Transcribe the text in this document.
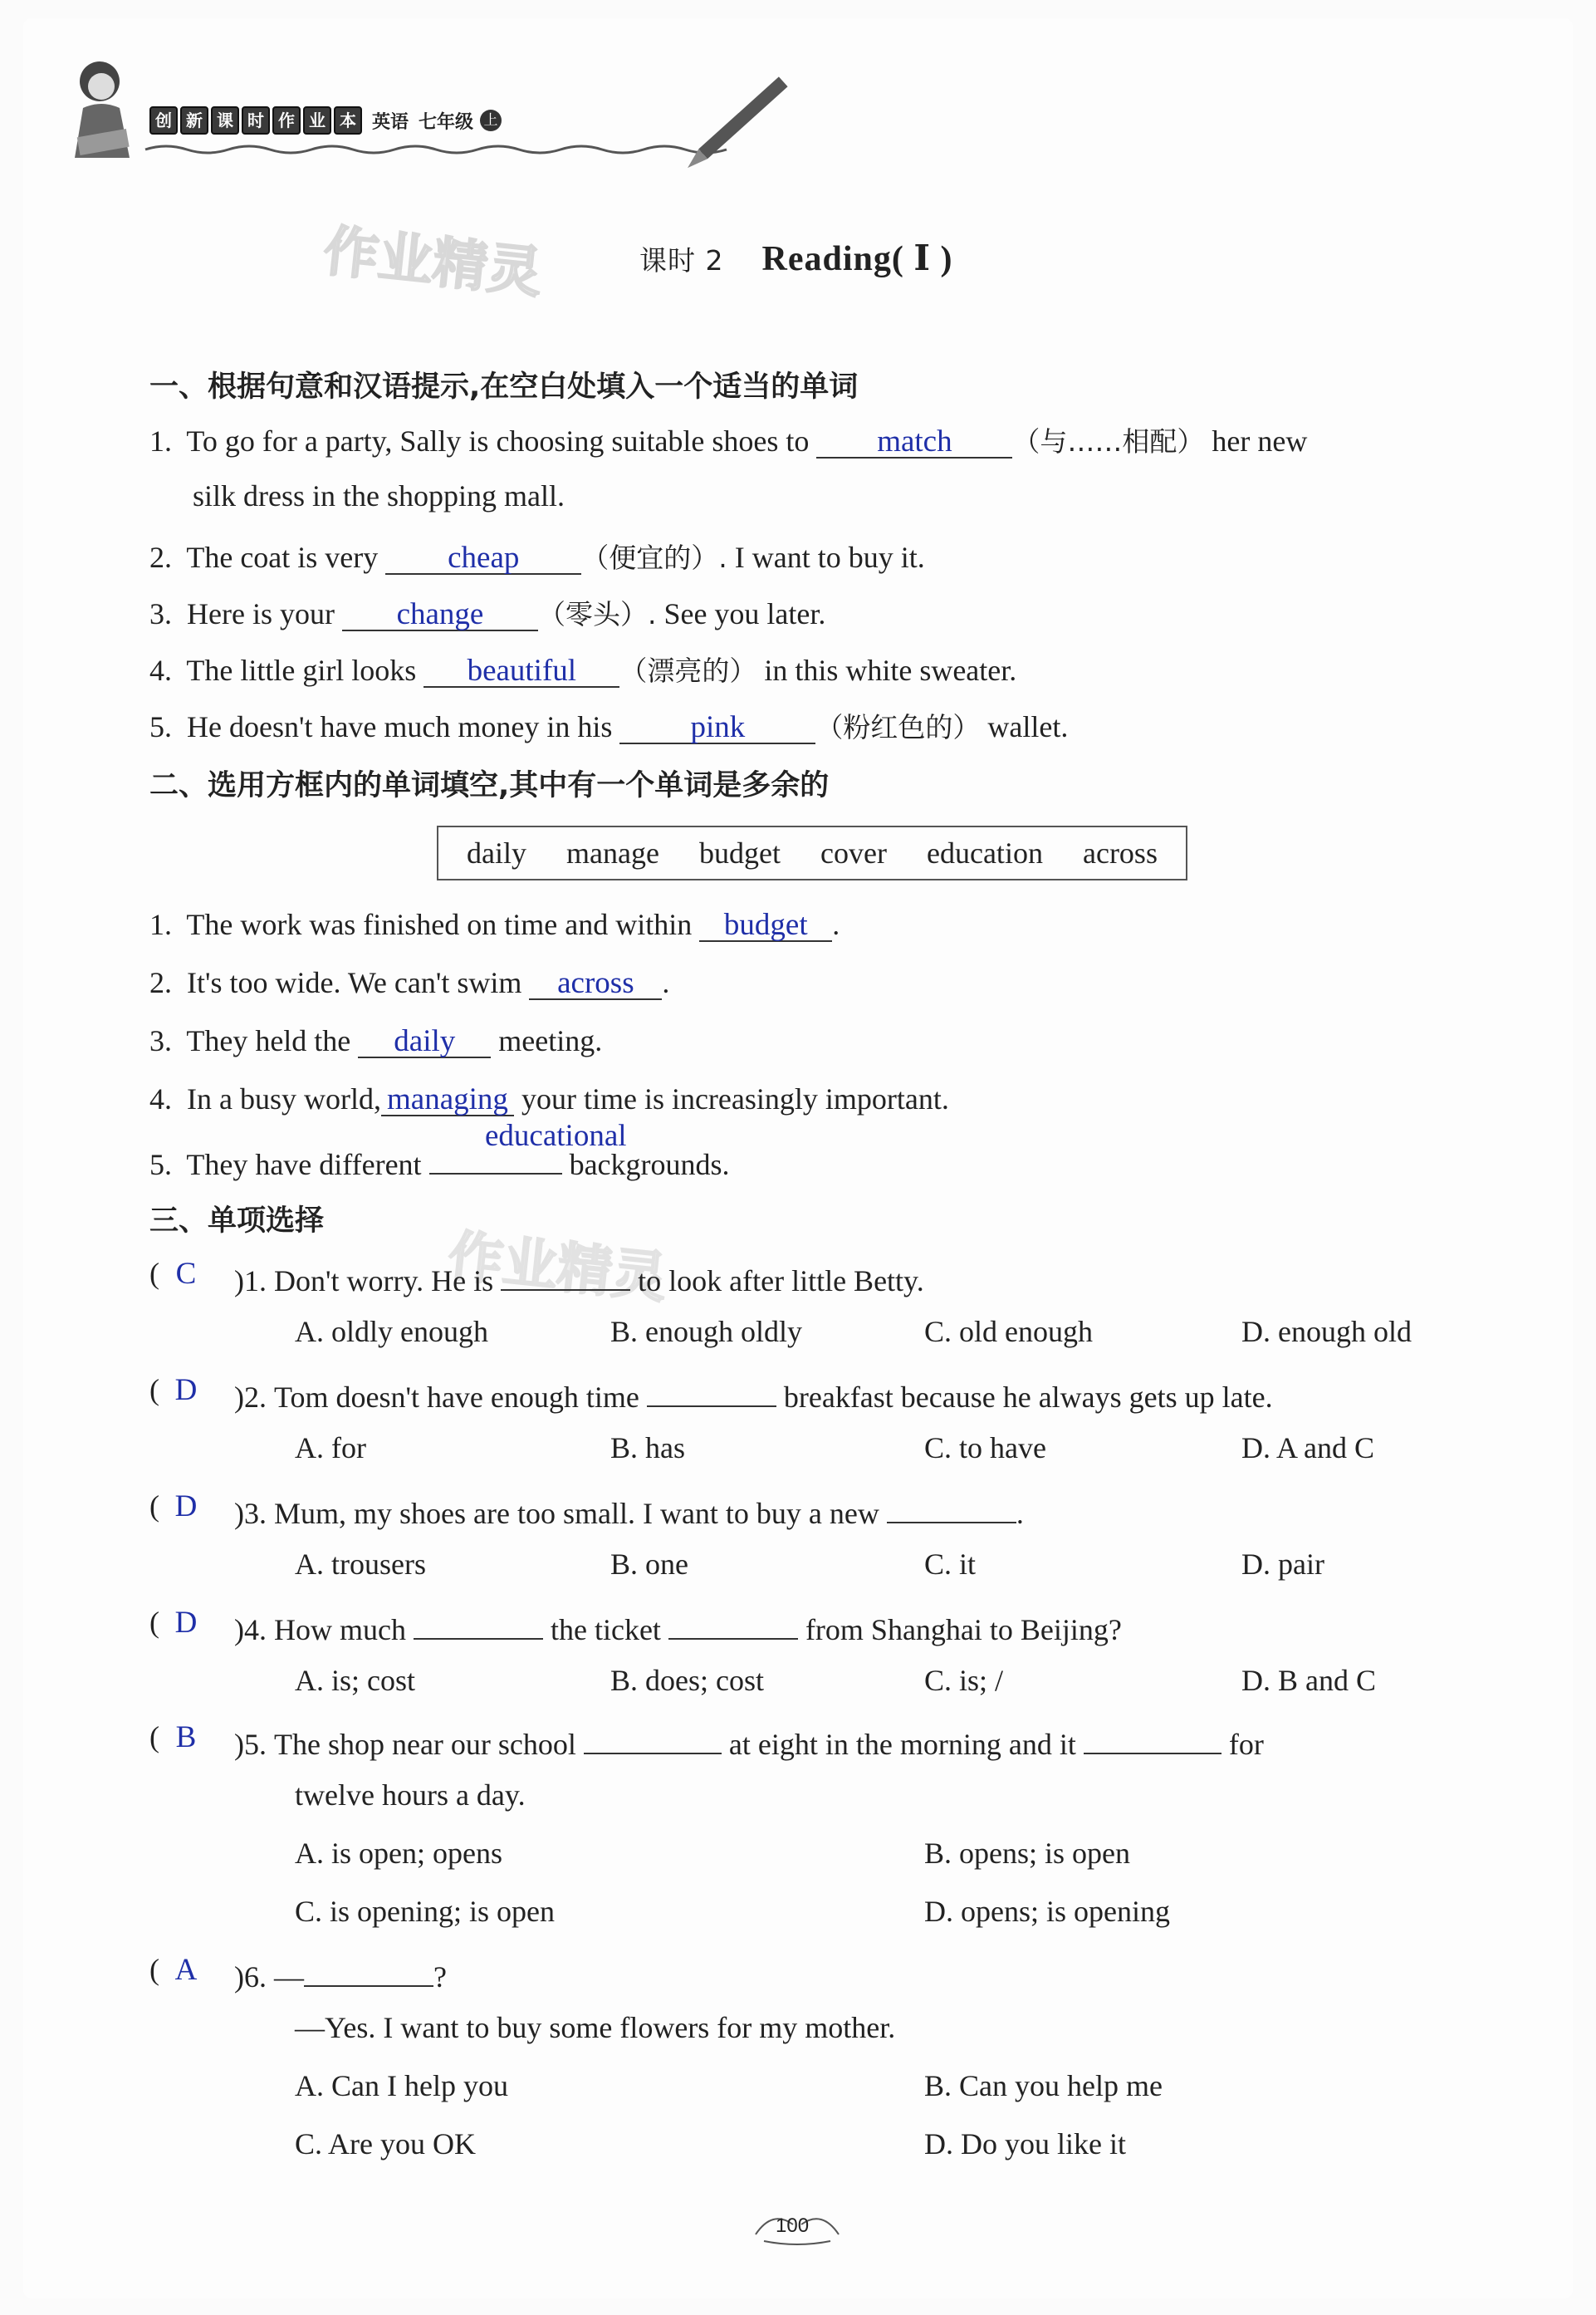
创 新 课 时 作 业 本 英语 七年级 上
作业精灵
作业精灵
课时 2 Reading( Ⅰ )
一、根据句意和汉语提示,在空白处填入一个适当的单词
1. To go for a party, Sally is choosing suitable shoes to match （与……相配） her new
silk dress in the shopping mall.
2. The coat is very cheap （便宜的）. I want to buy it.
3. Here is your change （零头）. See you later.
4. The little girl looks beautiful （漂亮的） in this white sweater.
5. He doesn't have much money in his	pink	（粉红色的） wallet.
二、选用方框内的单词填空,其中有一个单词是多余的
daily manage budget cover education across
1. The work was finished on time and within budget .
2. It's too wide. We can't swim across .
3. They held the daily meeting.
4. In a busy world, managing your time is increasingly important.
5. They have different	backgrounds.
educational
三、单项选择
( C )1. Don't worry. He is	to look after little Betty.
A. oldly enough	B. enough oldly	C. old enough	D. enough old
( D )2. Tom doesn't have enough time	breakfast because he always gets up late.
A. for	B. has	C. to have	D. A and C
( D )3. Mum, my shoes are too small. I want to buy a new	.
A. trousers	B. one	C. it	D. pair
( D )4. How much	the ticket	from Shanghai to Beijing?
A. is; cost	B. does; cost	C. is; /	D. B and C
( B )5. The shop near our school	at eight in the morning and it	for
twelve hours a day.
A. is open; opens	B. opens; is open
C. is opening; is open	D. opens; is opening
( A )6. —	?
—Yes. I want to buy some flowers for my mother.
A. Can I help you	B. Can you help me
C. Are you OK	D. Do you like it
100
